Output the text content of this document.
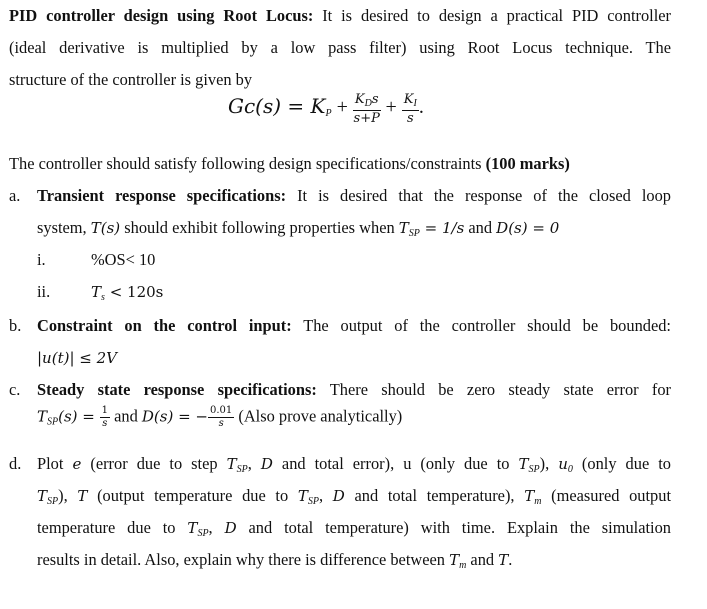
PID controller design using Root Locus: It is desired to design a practical PID controller
(ideal derivative is multiplied by a low pass filter) using Root Locus technique. The
structure of the controller is given by
$Gc(s) = K_P + \frac{K_Ds}{s+P} + \frac{K_I}{s}$ .
The controller should satisfy following design specifications/constraints (100 marks)
a. Transient response specifications: It is desired that the response of the closed loop
system, T(s) should exhibit following properties when $T_{SP} = 1/s$ and D(s) = 0
i.	%OS< 10
ii.	$T_s < 120s$
b. Constraint on the control input: The output of the controller should be bounded:
|u(t)| ≤ 2V
c. Steady state response specifications: There should be zero steady state error for
$T_{SP}(s) = \frac{1}{s}$ and D(s) = − $\frac{0.01}{s}$ (Also prove analytically)
d. Plot e (error due to step $T_{SP}$, D and total error), u (only due to $T_{SP}$), $u_0$ (only due to
$T_{SP}$), T (output temperature due to $T_{SP}$, D and total temperature), $T_m$ (measured output
temperature due to $T_{SP}$, D and total temperature) with time. Explain the simulation
results in detail. Also, explain why there is difference between $T_m$ and T.
